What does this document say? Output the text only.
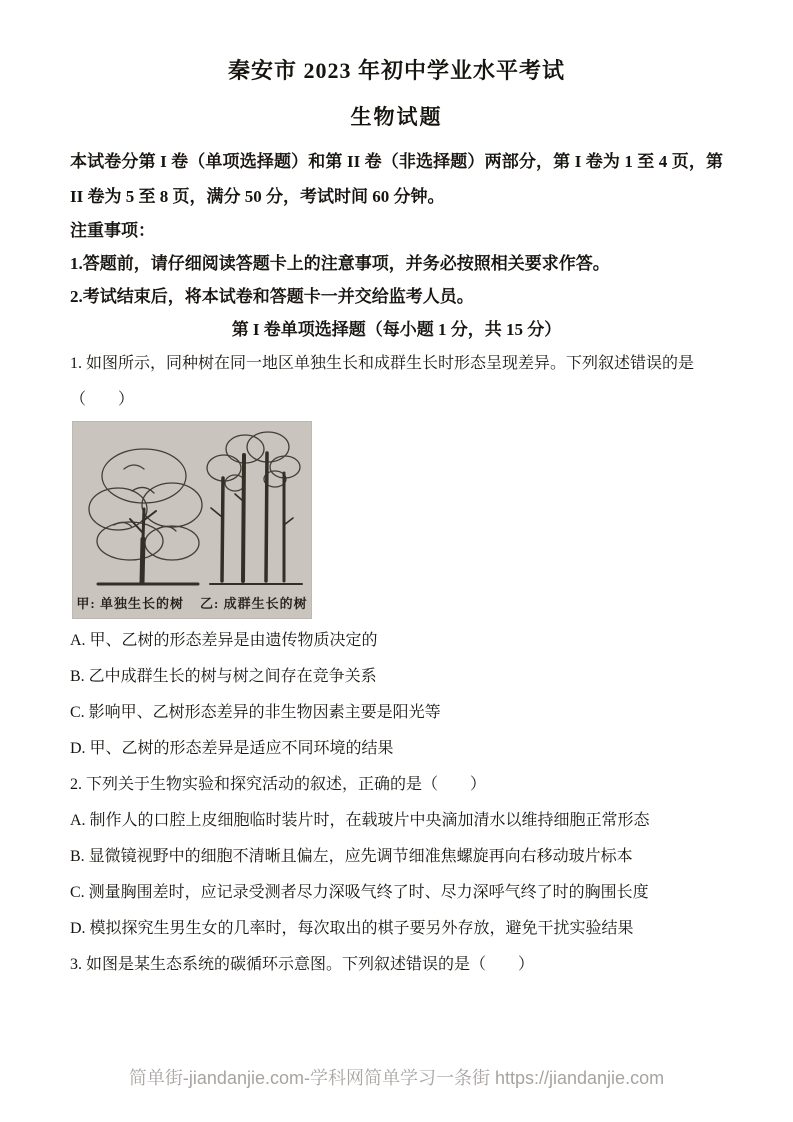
秦安市 2023 年初中学业水平考试
生物试题

本试卷分第 I 卷（单项选择题）和第 II 卷（非选择题）两部分，第 I 卷为 1 至 4 页，第 II 卷为 5 至 8 页，满分 50 分，考试时间 60 分钟。

注重事项：

1.答题前，请仔细阅读答题卡上的注意事项，并务必按照相关要求作答。

2.考试结束后，将本试卷和答题卡一并交给监考人员。

第 I 卷单项选择题（每小题 1 分，共 15 分）

1. 如图所示，同种树在同一地区单独生长和成群生长时形态呈现差异。下列叙述错误的是（　　）

甲: 单独生长的树 乙: 成群生长的树

A. 甲、乙树的形态差异是由遗传物质决定的

B. 乙中成群生长的树与树之间存在竞争关系

C. 影响甲、乙树形态差异的非生物因素主要是阳光等

D. 甲、乙树的形态差异是适应不同环境的结果

2. 下列关于生物实验和探究活动的叙述，正确的是（　　）

A. 制作人的口腔上皮细胞临时装片时，在载玻片中央滴加清水以维持细胞正常形态

B. 显微镜视野中的细胞不清晰且偏左，应先调节细准焦螺旋再向右移动玻片标本

C. 测量胸围差时，应记录受测者尽力深吸气终了时、尽力深呼气终了时的胸围长度

D. 模拟探究生男生女的几率时，每次取出的棋子要另外存放，避免干扰实验结果

3. 如图是某生态系统的碳循环示意图。下列叙述错误的是（　　）

简单街-jiandanjie.com-学科网简单学习一条街 https://jiandanjie.com
